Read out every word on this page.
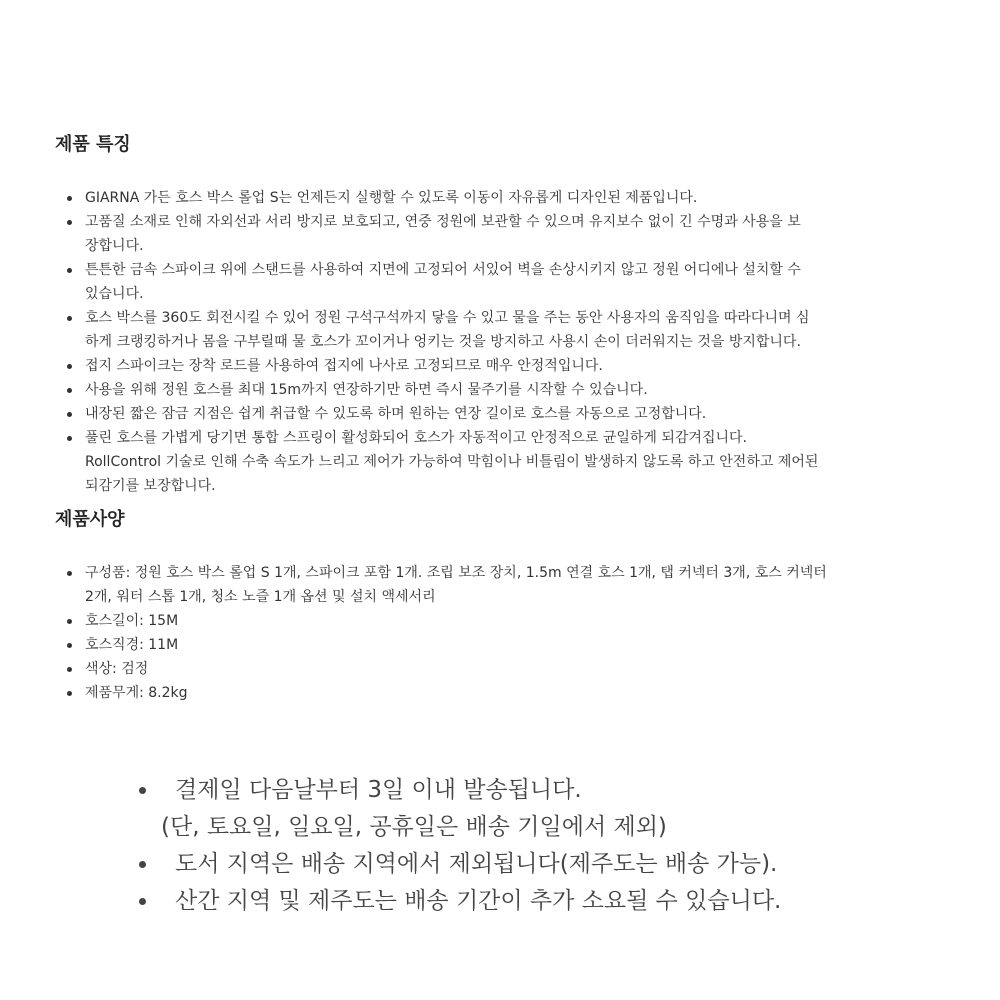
제품 특징
GIARNA 가든 호스 박스 롤업 S는 언제든지 실행할 수 있도록 이동이 자유롭게 디자인된 제품입니다.
고품질 소재로 인해 자외선과 서리 방지로 보호되고, 연중 정원에 보관할 수 있으며 유지보수 없이 긴 수명과 사용을 보
장합니다.
튼튼한 금속 스파이크 위에 스탠드를 사용하여 지면에 고정되어 서있어 벽을 손상시키지 않고 정원 어디에나 설치할 수
있습니다.
호스 박스를 360도 회전시킬 수 있어 정원 구석구석까지 닿을 수 있고 물을 주는 동안 사용자의 움직임을 따라다니며 심
하게 크랭킹하거나 몸을 구부릴때 물 호스가 꼬이거나 엉키는 것을 방지하고 사용시 손이 더러워지는 것을 방지합니다.
접지 스파이크는 장착 로드를 사용하여 접지에 나사로 고정되므로 매우 안정적입니다.
사용을 위해 정원 호스를 최대 15m까지 연장하기만 하면 즉시 물주기를 시작할 수 있습니다.
내장된 짧은 잠금 지점은 쉽게 취급할 수 있도록 하며 원하는 연장 길이로 호스를 자동으로 고정합니다.
풀린 호스를 가볍게 당기면 통합 스프링이 활성화되어 호스가 자동적이고 안정적으로 균일하게 되감겨집니다.
RollControl 기술로 인해 수축 속도가 느리고 제어가 가능하여 막힘이나 비틀림이 발생하지 않도록 하고 안전하고 제어된
되감기를 보장합니다.
제품사양
구성품: 정원 호스 박스 롤업 S 1개, 스파이크 포함 1개. 조립 보조 장치, 1.5m 연결 호스 1개, 탭 커넥터 3개, 호스 커넥터
2개, 워터 스톱 1개, 청소 노즐 1개 옵션 및 설치 액세서리
호스길이: 15M
호스직경: 11M
색상: 검정
제품무게: 8.2kg
결제일 다음날부터 3일 이내 발송됩니다.
(단, 토요일, 일요일, 공휴일은 배송 기일에서 제외)
도서 지역은 배송 지역에서 제외됩니다(제주도는 배송 가능).
산간 지역 및 제주도는 배송 기간이 추가 소요될 수 있습니다.
